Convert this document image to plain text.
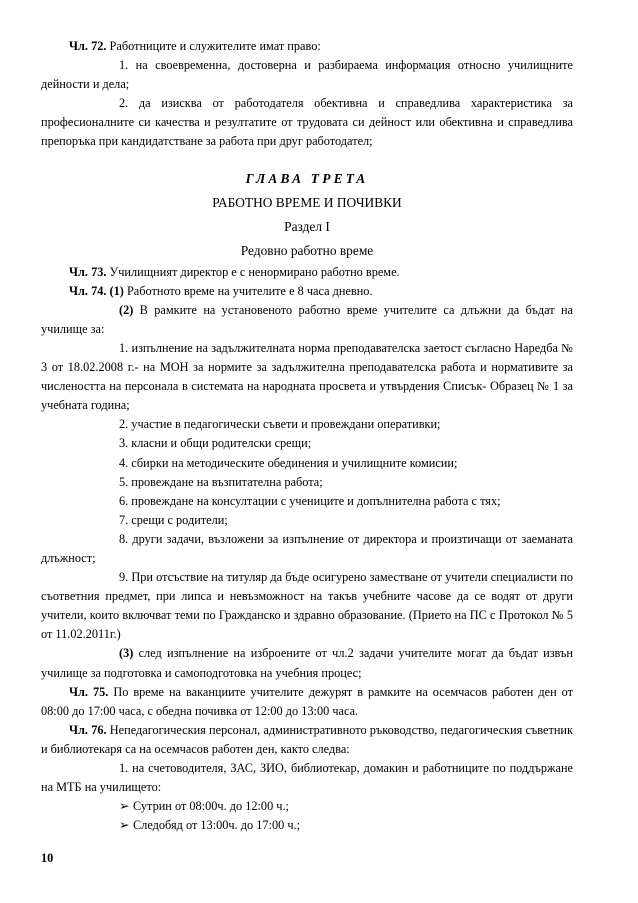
Чл. 72. Работниците и служителите имат право:

1. на своевременна, достоверна и разбираема информация относно училищните дейности и дела;

2. да изисква от работодателя обективна и справедлива характеристика за професионалните си качества и резултатите от трудовата си дейност или обективна и справедлива препоръка при кандидатстване за работа при друг работодател;

ГЛАВА ТРЕТА

РАБОТНО ВРЕМЕ И ПОЧИВКИ

Раздел I

Редовно работно време

Чл. 73. Училищният директор е с ненормирано работно време.

Чл. 74. (1) Работното време на учителите е 8 часа дневно.

(2) В рамките на установеното работно време учителите са длъжни да бъдат на училище за:

1. изпълнение на задължителната норма преподавателска заетост съгласно Наредба № 3 от 18.02.2008 г.- на МОН за нормите за задължителна преподавателска работа и нормативите за числеността на персонала в системата на народната просвета и утвърдения Списък- Образец № 1 за учебната година;

2. участие в педагогически съвети и провеждани оперативки;

3. класни и общи родителски срещи;

4. сбирки на методическите обединения и училищните комисии;

5. провеждане на възпитателна работа;

6. провеждане на консултации с учениците и допълнителна работа с тях;

7. срещи с родители;

8. други задачи, възложени за изпълнение от директора и произтичащи от заеманата длъжност;

9. При отсъствие на титуляр да бъде осигурено заместване от учители специалисти по съответния предмет, при липса и невъзможност на такъв учебните часове да се водят от други учители, които включват теми по Гражданско и здравно образование. (Прието на ПС с Протокол № 5 от 11.02.2011г.)

(3) след изпълнение на изброените от чл.2 задачи учителите могат да бъдат извън училище за подготовка и самоподготовка на учебния процес;

Чл. 75. По време на ваканциите учителите дежурят в рамките на осемчасов работен ден от 08:00 до 17:00 часа, с обедна почивка от 12:00 до 13:00 часа.

Чл. 76. Непедагогическия персонал, административното ръководство, педагогическия съветник и библиотекаря са на осемчасов работен ден, както следва:

1. на счетоводителя, ЗАС, ЗИО, библиотекар, домакин и работниците по поддържане на МТБ на училището:

➢ Сутрин от 08:00ч. до 12:00 ч.;

➢ Следобяд от 13:00ч. до 17:00 ч.;

10
